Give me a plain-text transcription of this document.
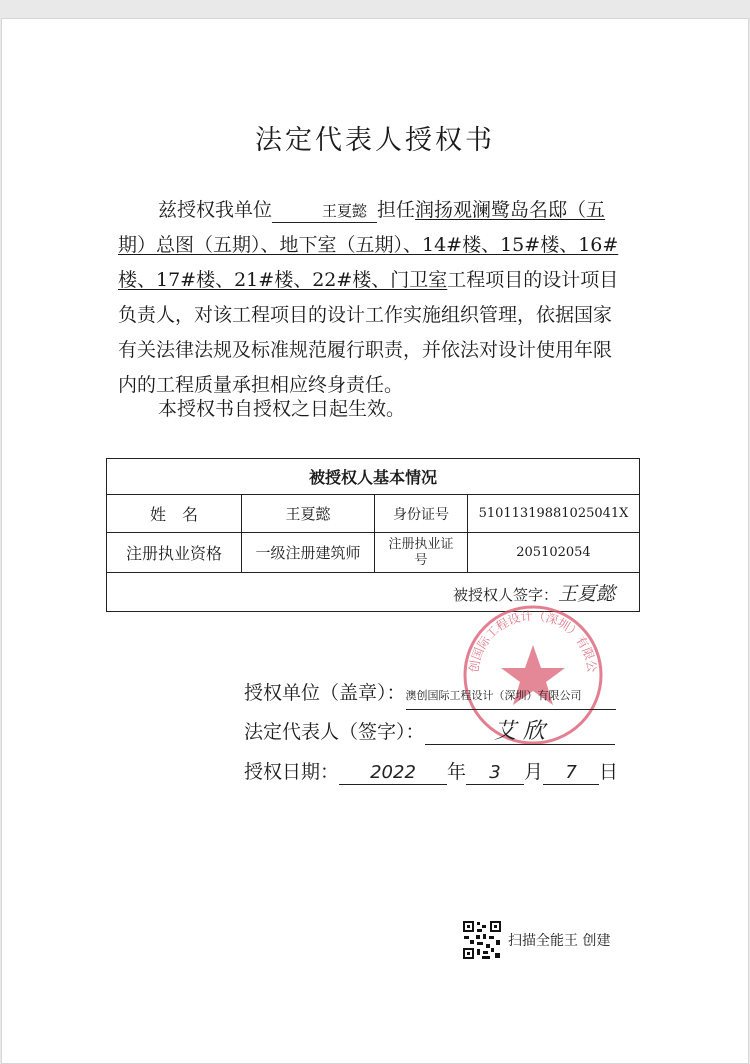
法定代表人授权书
兹授权我单位	王夏懿 担任润扬观澜鹭岛名邸（五期）总图（五期）、地下室（五期）、14#楼、15#楼、16#楼、17#楼、21#楼、22#楼、门卫室工程项目的设计项目负责人，对该工程项目的设计工作实施组织管理，依据国家有关法律法规及标准规范履行职责，并依法对设计使用年限内的工程质量承担相应终身责任。
本授权书自授权之日起生效。
被授权人基本情况			
姓　名	王夏懿	身份证号	51011319881025041X
注册执业资格	一级注册建筑师	注册执业证号	205102054
被授权人签字：王夏懿			
创国际工程设计（深圳）有限公
授权单位（盖章）：澳创国际工程设计（深圳）有限公司
法定代表人（签字）：	艾 欣
授权日期： 2022 年 3 月 7 日
扫描全能王 创建
